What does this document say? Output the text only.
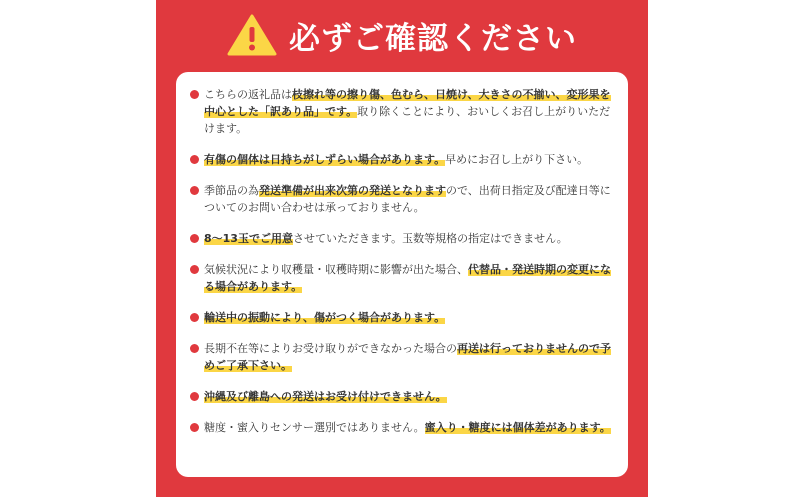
必ずご確認ください
こちらの返礼品は枝擦れ等の擦り傷、色むら、日焼け、大きさの不揃い、変形果を中心とした「訳あり品」です。取り除くことにより、おいしくお召し上がりいただけます。
有傷の個体は日持ちがしずらい場合があります。早めにお召し上がり下さい。
季節品の為発送準備が出来次第の発送となりますので、出荷日指定及び配達日等についてのお問い合わせは承っておりません。
8～13玉でご用意させていただきます。玉数等規格の指定はできません。
気候状況により収穫量・収穫時期に影響が出た場合、代替品・発送時期の変更になる場合があります。
輸送中の振動により、傷がつく場合があります。
長期不在等によりお受け取りができなかった場合の再送は行っておりませんので予めご了承下さい。
沖縄及び離島への発送はお受け付けできません。
糖度・蜜入りセンサー選別ではありません。蜜入り・糖度には個体差があります。
